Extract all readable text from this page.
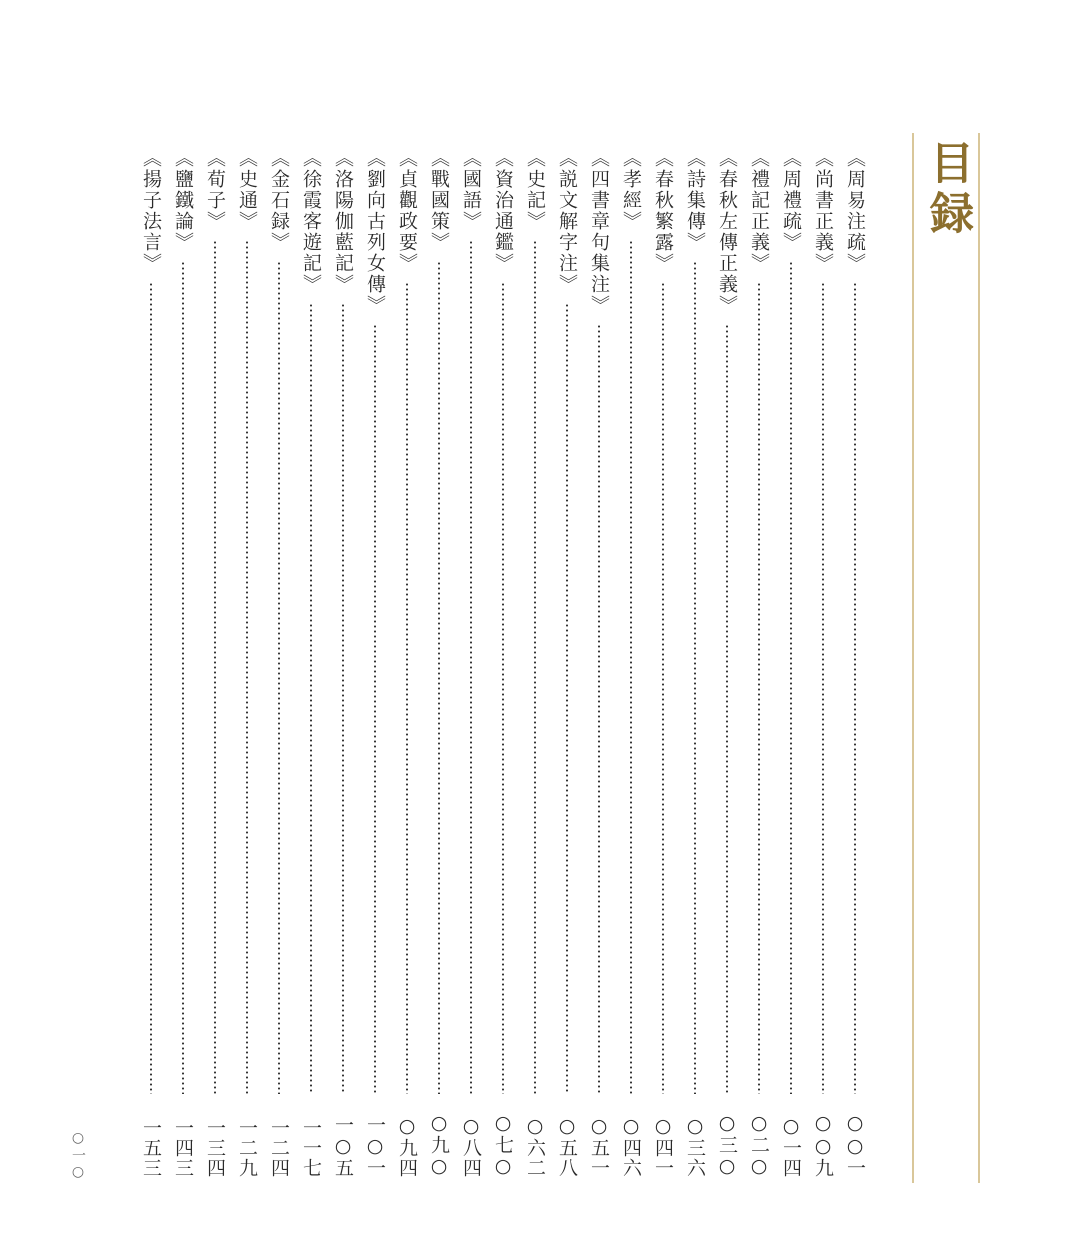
目録
《周易注疏》
○○一
《尚書正義》
○○九
《周禮疏》
○一四
《禮記正義》
○二○
《春秋左傳正義》
○三○
《詩集傳》
○三六
《春秋繁露》
○四一
《孝經》
○四六
《四書章句集注》
○五一
《説文解字注》
○五八
《史記》
○六二
《資治通鑑》
○七○
《國語》
○八四
《戰國策》
○九○
《貞觀政要》
○九四
《劉向古列女傳》
一○一
《洛陽伽藍記》
一○五
《徐霞客遊記》
一一七
《金石録》
一二四
《史通》
一二九
《荀子》
一三四
《鹽鐵論》
一四三
《揚子法言》
一五三
○一○
